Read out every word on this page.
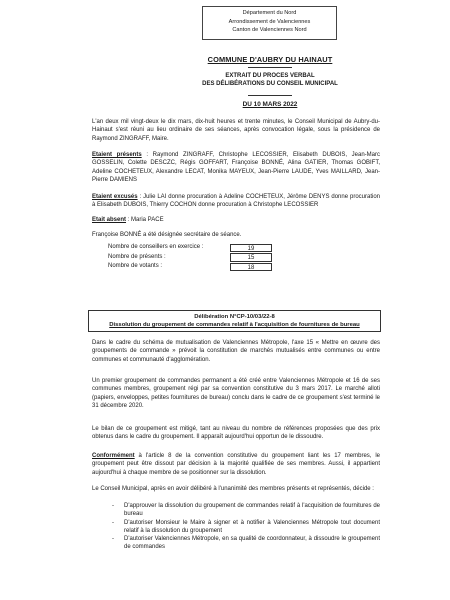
Département du Nord
Arrondissement de Valenciennes
Canton de Valenciennes Nord
COMMUNE D'AUBRY DU HAINAUT
EXTRAIT DU PROCES VERBAL
DES DÉLIBÉRATIONS DU CONSEIL MUNICIPAL
DU 10 MARS 2022
L'an deux mil vingt-deux le dix mars, dix-huit heures et trente minutes, le Conseil Municipal de Aubry-du-Hainaut s'est réuni au lieu ordinaire de ses séances, après convocation légale, sous la présidence de Raymond ZINGRAFF, Maire.
Etaient présents : Raymond ZINGRAFF, Christophe LECOSSIER, Elisabeth DUBOIS, Jean-Marc GOSSELIN, Colette DESCZC, Régis GOFFART, Françoise BONNÉ, Alina GATIER, Thomas GOBIFT, Adeline COCHETEUX, Alexandre LECAT, Monika MAYEUX, Jean-Pierre LAUDE, Yves MAILLARD, Jean-Pierre DAMIENS
Etaient excusés : Julie LAI donne procuration à Adeline COCHETEUX, Jérôme DENYS donne procuration à Elisabeth DUBOIS, Thierry COCHON donne procuration à Christophe LECOSSIER
Etait absent : Maria PACE
Françoise BONNÉ a été désignée secrétaire de séance.
Nombre de conseillers en exercice :	19
Nombre de présents :	15
Nombre de votants :	18
Délibération N°CP-10/03/22-8
Dissolution du groupement de commandes relatif à l'acquisition de fournitures de bureau
Dans le cadre du schéma de mutualisation de Valenciennes Métropole, l'axe 15 « Mettre en œuvre des groupements de commande » prévoit la constitution de marchés mutualisés entre communes ou entre communes et communauté d'agglomération.
Un premier groupement de commandes permanent a été créé entre Valenciennes Métropole et 16 de ses communes membres, groupement régi par sa convention constitutive du 3 mars 2017. Le marché alloti (papiers, enveloppes, petites fournitures de bureau) conclu dans le cadre de ce groupement s'est terminé le 31 décembre 2020.
Le bilan de ce groupement est mitigé, tant au niveau du nombre de références proposées que des prix obtenus dans le cadre du groupement. Il apparaît aujourd'hui opportun de le dissoudre.
Conformément à l'article 8 de la convention constitutive du groupement liant les 17 membres, le groupement peut être dissout par décision à la majorité qualifiée de ses membres. Aussi, il appartient aujourd'hui à chaque membre de se positionner sur la dissolution.
Le Conseil Municipal, après en avoir délibéré à l'unanimité des membres présents et représentés, décide :
- D'approuver la dissolution du groupement de commandes relatif à l'acquisition de fournitures de bureau
- D'autoriser Monsieur le Maire à signer et à notifier à Valenciennes Métropole tout document relatif à la dissolution du groupement
- D'autoriser Valenciennes Métropole, en sa qualité de coordonnateur, à dissoudre le groupement de commandes
